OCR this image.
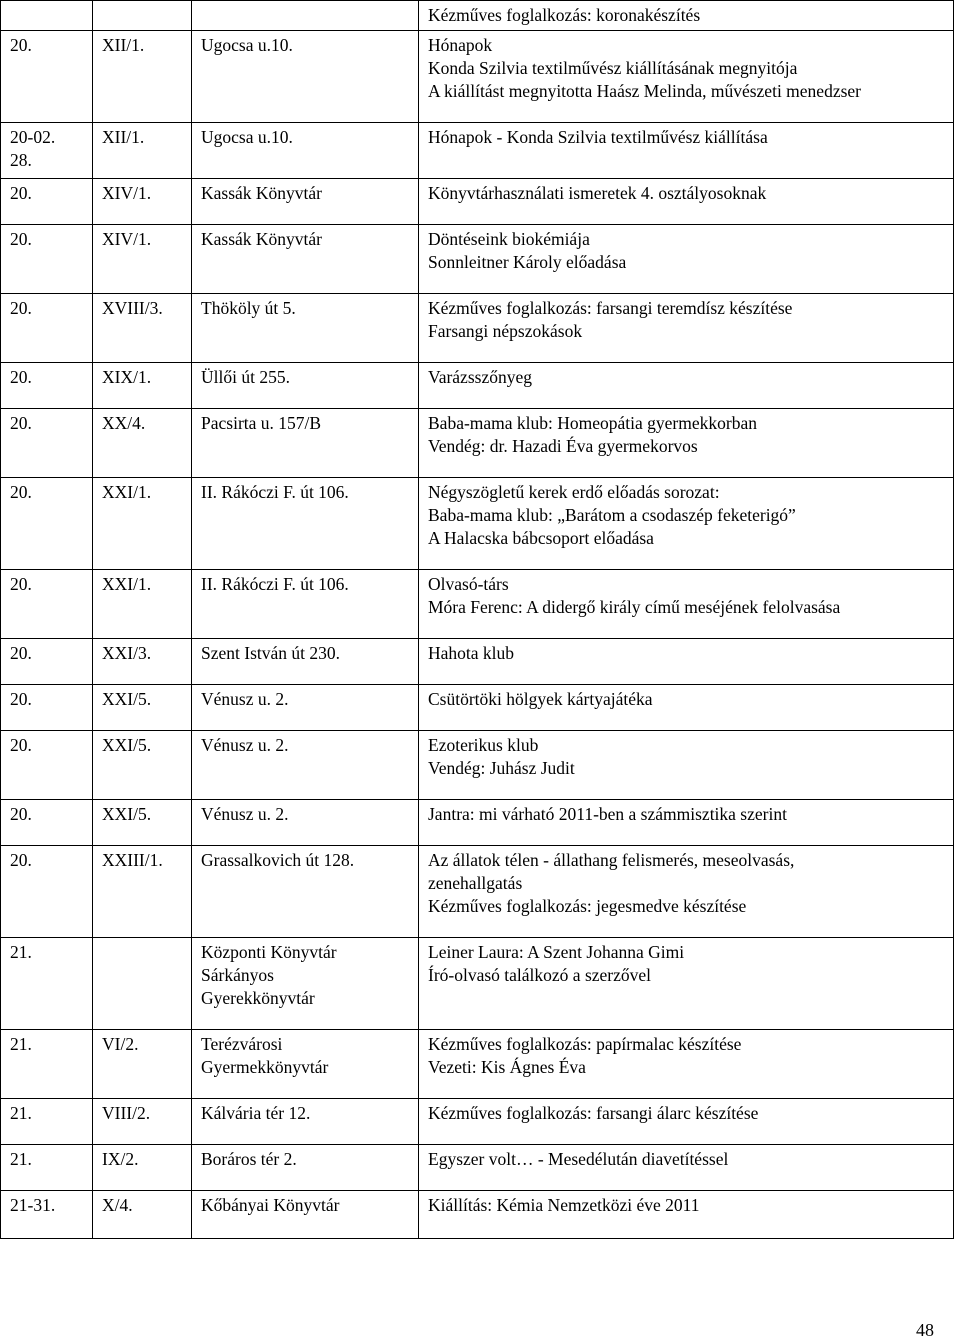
			Kézműves foglalkozás: koronakészítés

20.	XII/1.	Ugocsa u.10.	Hónapok
Konda Szilvia textilművész kiállításának megnyitója
A kiállítást megnyitotta Haász Melinda, művészeti menedzser

20-02.
28.	XII/1.	Ugocsa u.10.	Hónapok - Konda Szilvia textilművész kiállítása

20.	XIV/1.	Kassák Könyvtár	Könyvtárhasználati ismeretek 4. osztályosoknak

20.	XIV/1.	Kassák Könyvtár	Döntéseink biokémiája
Sonnleitner Károly előadása

20.	XVIII/3.	Thököly út 5.	Kézműves foglalkozás: farsangi teremdísz készítése
Farsangi népszokások

20.	XIX/1.	Üllői út 255.	Varázsszőnyeg

20.	XX/4.	Pacsirta u. 157/B	Baba-mama klub: Homeopátia gyermekkorban
Vendég: dr. Hazadi Éva gyermekorvos

20.	XXI/1.	II. Rákóczi F. út 106.	Négyszögletű kerek erdő előadás sorozat:
Baba-mama klub: „Barátom a csodaszép feketerigó”
A Halacska bábcsoport előadása

20.	XXI/1.	II. Rákóczi F. út 106.	Olvasó-társ
Móra Ferenc: A didergő király című meséjének felolvasása

20.	XXI/3.	Szent István út 230.	Hahota klub

20.	XXI/5.	Vénusz u. 2.	Csütörtöki hölgyek kártyajátéka

20.	XXI/5.	Vénusz u. 2.	Ezoterikus klub
Vendég: Juhász Judit

20.	XXI/5.	Vénusz u. 2.	Jantra: mi várható 2011-ben a számmisztika szerint

20.	XXIII/1.	Grassalkovich út 128.	Az állatok télen - állathang felismerés, meseolvasás,
zenehallgatás
Kézműves foglalkozás: jegesmedve készítése

21.		Központi Könyvtár
Sárkányos
Gyerekkönyvtár	Leiner Laura: A Szent Johanna Gimi
Író-olvasó találkozó a szerzővel

21.	VI/2.	Terézvárosi
Gyermekkönyvtár	Kézműves foglalkozás: papírmalac készítése
Vezeti: Kis Ágnes Éva

21.	VIII/2.	Kálvária tér 12.	Kézműves foglalkozás: farsangi álarc készítése

21.	IX/2.	Boráros tér 2.	Egyszer volt… - Mesedélután diavetítéssel

21-31.	X/4.	Kőbányai Könyvtár	Kiállítás: Kémia Nemzetközi éve 2011
48
